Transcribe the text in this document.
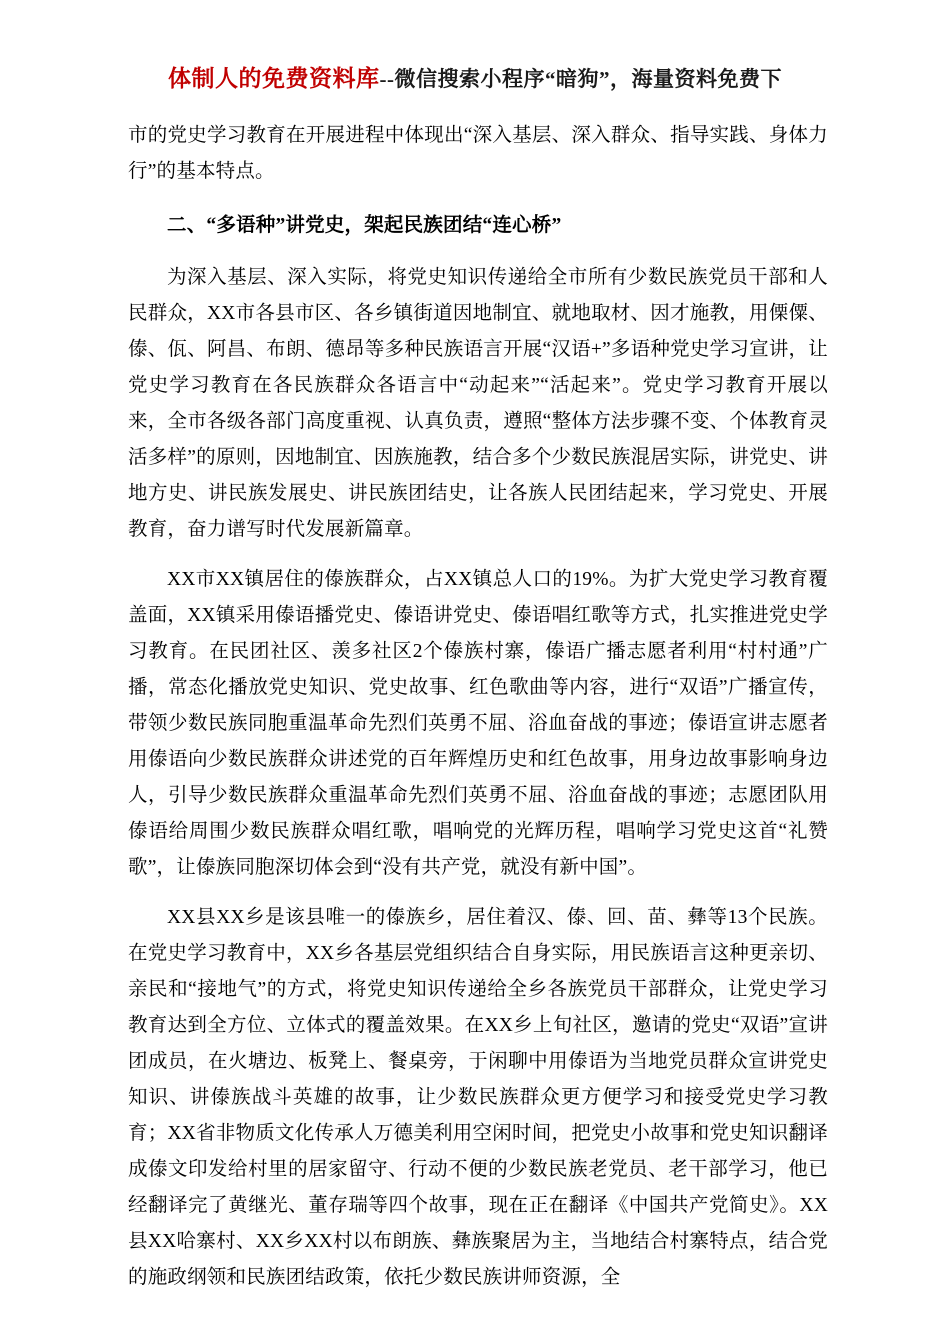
体制人的免费资料库--微信搜索小程序“暗狗”，海量资料免费下

市的党史学习教育在开展进程中体现出“深入基层、深入群众、指导实践、身体力行”的基本特点。

二、“多语种”讲党史，架起民族团结“连心桥”

为深入基层、深入实际，将党史知识传递给全市所有少数民族党员干部和人民群众，XX市各县市区、各乡镇街道因地制宜、就地取材、因才施教，用傈僳、傣、佤、阿昌、布朗、德昂等多种民族语言开展“汉语+”多语种党史学习宣讲，让党史学习教育在各民族群众各语言中“动起来”“活起来”。党史学习教育开展以来，全市各级各部门高度重视、认真负责，遵照“整体方法步骤不变、个体教育灵活多样”的原则，因地制宜、因族施教，结合多个少数民族混居实际，讲党史、讲地方史、讲民族发展史、讲民族团结史，让各族人民团结起来，学习党史、开展教育，奋力谱写时代发展新篇章。

XX市XX镇居住的傣族群众，占XX镇总人口的19%。为扩大党史学习教育覆盖面，XX镇采用傣语播党史、傣语讲党史、傣语唱红歌等方式，扎实推进党史学习教育。在民团社区、羡多社区2个傣族村寨，傣语广播志愿者利用“村村通”广播，常态化播放党史知识、党史故事、红色歌曲等内容，进行“双语”广播宣传，带领少数民族同胞重温革命先烈们英勇不屈、浴血奋战的事迹；傣语宣讲志愿者用傣语向少数民族群众讲述党的百年辉煌历史和红色故事，用身边故事影响身边人，引导少数民族群众重温革命先烈们英勇不屈、浴血奋战的事迹；志愿团队用傣语给周围少数民族群众唱红歌，唱响党的光辉历程，唱响学习党史这首“礼赞歌”，让傣族同胞深切体会到“没有共产党，就没有新中国”。

XX县XX乡是该县唯一的傣族乡，居住着汉、傣、回、苗、彝等13个民族。在党史学习教育中，XX乡各基层党组织结合自身实际，用民族语言这种更亲切、亲民和“接地气”的方式，将党史知识传递给全乡各族党员干部群众，让党史学习教育达到全方位、立体式的覆盖效果。在XX乡上旬社区，邀请的党史“双语”宣讲团成员，在火塘边、板凳上、餐桌旁，于闲聊中用傣语为当地党员群众宣讲党史知识、讲傣族战斗英雄的故事，让少数民族群众更方便学习和接受党史学习教育；XX省非物质文化传承人万德美利用空闲时间，把党史小故事和党史知识翻译成傣文印发给村里的居家留守、行动不便的少数民族老党员、老干部学习，他已经翻译完了黄继光、董存瑞等四个故事，现在正在翻译《中国共产党简史》。XX县XX哈寨村、XX乡XX村以布朗族、彝族聚居为主，当地结合村寨特点，结合党的施政纲领和民族团结政策，依托少数民族讲师资源，全
